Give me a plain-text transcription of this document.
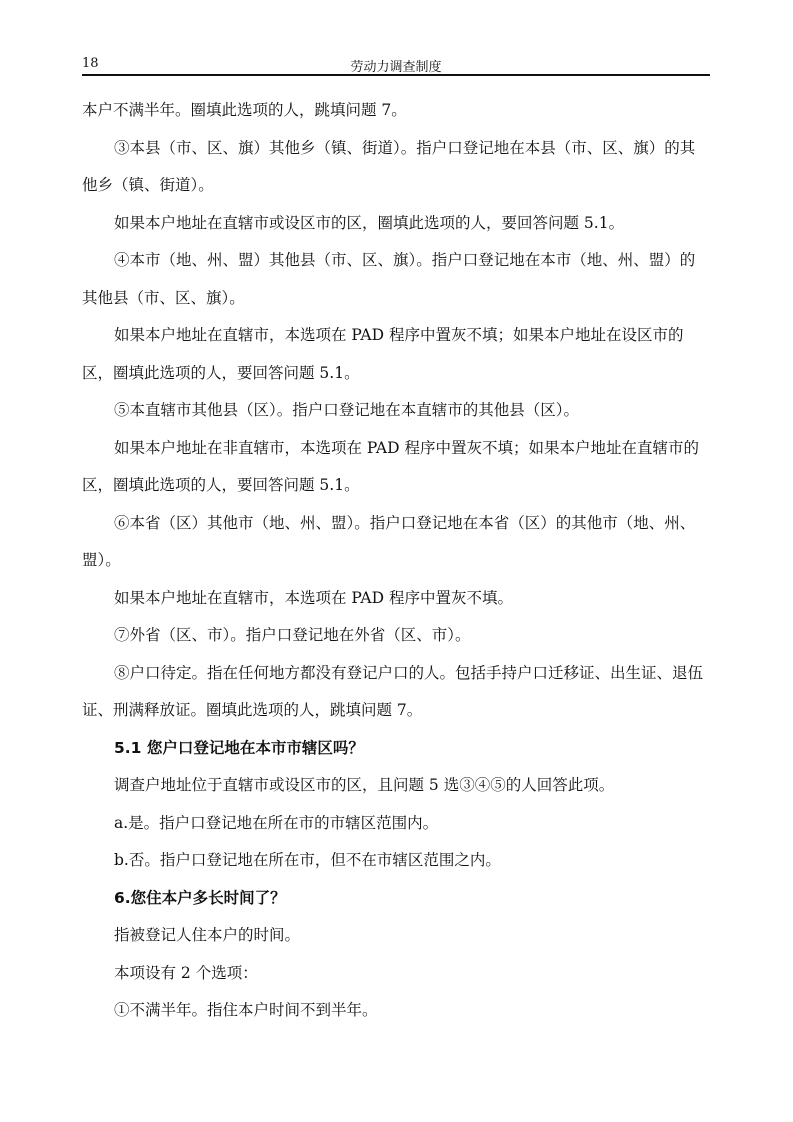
18	劳动力调查制度

本户不满半年。圈填此选项的人，跳填问题 7。

③本县（市、区、旗）其他乡（镇、街道）。指户口登记地在本县（市、区、旗）的其他乡（镇、街道）。

如果本户地址在直辖市或设区市的区，圈填此选项的人，要回答问题 5.1。

④本市（地、州、盟）其他县（市、区、旗）。指户口登记地在本市（地、州、盟）的其他县（市、区、旗）。

如果本户地址在直辖市，本选项在 PAD 程序中置灰不填；如果本户地址在设区市的区，圈填此选项的人，要回答问题 5.1。

⑤本直辖市其他县（区）。指户口登记地在本直辖市的其他县（区）。

如果本户地址在非直辖市，本选项在 PAD 程序中置灰不填；如果本户地址在直辖市的区，圈填此选项的人，要回答问题 5.1。

⑥本省（区）其他市（地、州、盟）。指户口登记地在本省（区）的其他市（地、州、盟）。

如果本户地址在直辖市，本选项在 PAD 程序中置灰不填。

⑦外省（区、市）。指户口登记地在外省（区、市）。

⑧户口待定。指在任何地方都没有登记户口的人。包括手持户口迁移证、出生证、退伍证、刑满释放证。圈填此选项的人，跳填问题 7。

5.1 您户口登记地在本市市辖区吗？

调查户地址位于直辖市或设区市的区，且问题 5 选③④⑤的人回答此项。

a.是。指户口登记地在所在市的市辖区范围内。

b.否。指户口登记地在所在市，但不在市辖区范围之内。

6.您住本户多长时间了？

指被登记人住本户的时间。

本项设有 2 个选项：

①不满半年。指住本户时间不到半年。
